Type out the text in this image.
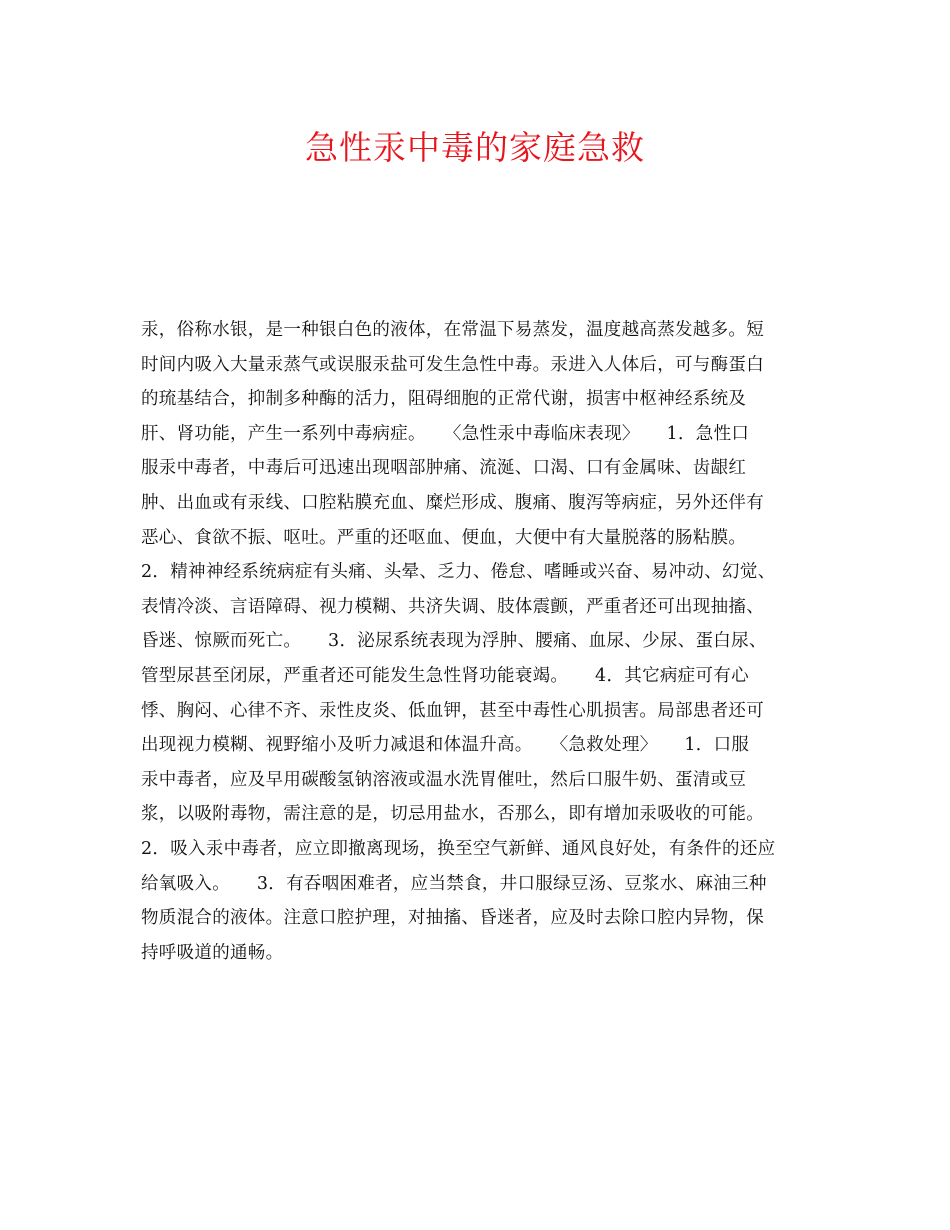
急性汞中毒的家庭急救
汞，俗称水银，是一种银白色的液体，在常温下易蒸发，温度越高蒸发越多。短
时间内吸入大量汞蒸气或误服汞盐可发生急性中毒。汞进入人体后，可与酶蛋白
的琉基结合，抑制多种酶的活力，阻碍细胞的正常代谢，损害中枢神经系统及
肝、肾功能，产生一系列中毒病症。　　〈急性汞中毒临床表现〉　　1．急性口
服汞中毒者，中毒后可迅速出现咽部肿痛、流涎、口渴、口有金属味、齿龈红
肿、出血或有汞线、口腔粘膜充血、糜烂形成、腹痛、腹泻等病症，另外还伴有
恶心、食欲不振、呕吐。严重的还呕血、便血，大便中有大量脱落的肠粘膜。
2．精神神经系统病症有头痛、头晕、乏力、倦怠、嗜睡或兴奋、易冲动、幻觉、
表情冷淡、言语障碍、视力模糊、共济失调、肢体震颤，严重者还可出现抽搐、
昏迷、惊厥而死亡。　　3．泌尿系统表现为浮肿、腰痛、血尿、少尿、蛋白尿、
管型尿甚至闭尿，严重者还可能发生急性肾功能衰竭。　　4．其它病症可有心
悸、胸闷、心律不齐、汞性皮炎、低血钾，甚至中毒性心肌损害。局部患者还可
出现视力模糊、视野缩小及听力减退和体温升高。　　〈急救处理〉　　1．口服
汞中毒者，应及早用碳酸氢钠溶液或温水洗胃催吐，然后口服牛奶、蛋清或豆
浆，以吸附毒物，需注意的是，切忌用盐水，否那么，即有增加汞吸收的可能。
2．吸入汞中毒者，应立即撤离现场，换至空气新鲜、通风良好处，有条件的还应
给氧吸入。　　3．有吞咽困难者，应当禁食，井口服绿豆汤、豆浆水、麻油三种
物质混合的液体。注意口腔护理，对抽搐、昏迷者，应及时去除口腔内异物，保
持呼吸道的通畅。
